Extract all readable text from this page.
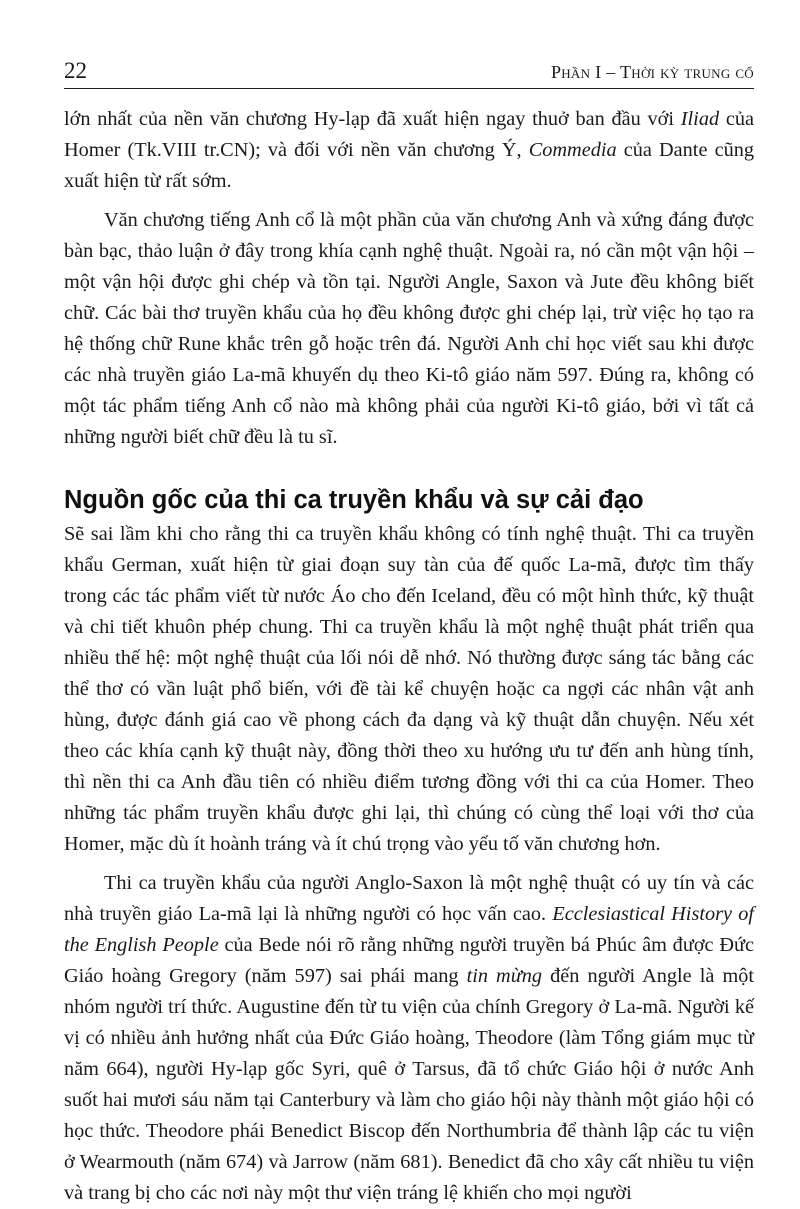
22	Phần I – Thời kỳ trung cổ

lớn nhất của nền văn chương Hy-lạp đã xuất hiện ngay thuở ban đầu với Iliad của Homer (Tk.VIII tr.CN); và đối với nền văn chương Ý, Commedia của Dante cũng xuất hiện từ rất sớm.

Văn chương tiếng Anh cổ là một phần của văn chương Anh và xứng đáng được bàn bạc, thảo luận ở đây trong khía cạnh nghệ thuật. Ngoài ra, nó cần một vận hội – một vận hội được ghi chép và tồn tại. Người Angle, Saxon và Jute đều không biết chữ. Các bài thơ truyền khẩu của họ đều không được ghi chép lại, trừ việc họ tạo ra hệ thống chữ Rune khắc trên gỗ hoặc trên đá. Người Anh chỉ học viết sau khi được các nhà truyền giáo La-mã khuyến dụ theo Ki-tô giáo năm 597. Đúng ra, không có một tác phẩm tiếng Anh cổ nào mà không phải của người Ki-tô giáo, bởi vì tất cả những người biết chữ đều là tu sĩ.

Nguồn gốc của thi ca truyền khẩu và sự cải đạo

Sẽ sai lầm khi cho rằng thi ca truyền khẩu không có tính nghệ thuật. Thi ca truyền khẩu German, xuất hiện từ giai đoạn suy tàn của đế quốc La-mã, được tìm thấy trong các tác phẩm viết từ nước Áo cho đến Iceland, đều có một hình thức, kỹ thuật và chi tiết khuôn phép chung. Thi ca truyền khẩu là một nghệ thuật phát triển qua nhiều thế hệ: một nghệ thuật của lối nói dễ nhớ. Nó thường được sáng tác bằng các thể thơ có vần luật phổ biến, với đề tài kể chuyện hoặc ca ngợi các nhân vật anh hùng, được đánh giá cao về phong cách đa dạng và kỹ thuật dẫn chuyện. Nếu xét theo các khía cạnh kỹ thuật này, đồng thời theo xu hướng ưu tư đến anh hùng tính, thì nền thi ca Anh đầu tiên có nhiều điểm tương đồng với thi ca của Homer. Theo những tác phẩm truyền khẩu được ghi lại, thì chúng có cùng thể loại với thơ của Homer, mặc dù ít hoành tráng và ít chú trọng vào yếu tố văn chương hơn.

Thi ca truyền khẩu của người Anglo-Saxon là một nghệ thuật có uy tín và các nhà truyền giáo La-mã lại là những người có học vấn cao. Ecclesiastical History of the English People của Bede nói rõ rằng những người truyền bá Phúc âm được Đức Giáo hoàng Gregory (năm 597) sai phái mang tin mừng đến người Angle là một nhóm người trí thức. Augustine đến từ tu viện của chính Gregory ở La-mã. Người kế vị có nhiều ảnh hưởng nhất của Đức Giáo hoàng, Theodore (làm Tổng giám mục từ năm 664), người Hy-lạp gốc Syri, quê ở Tarsus, đã tổ chức Giáo hội ở nước Anh suốt hai mươi sáu năm tại Canterbury và làm cho giáo hội này thành một giáo hội có học thức. Theodore phái Benedict Biscop đến Northumbria để thành lập các tu viện ở Wearmouth (năm 674) và Jarrow (năm 681). Benedict đã cho xây cất nhiều tu viện và trang bị cho các nơi này một thư viện tráng lệ khiến cho mọi người
